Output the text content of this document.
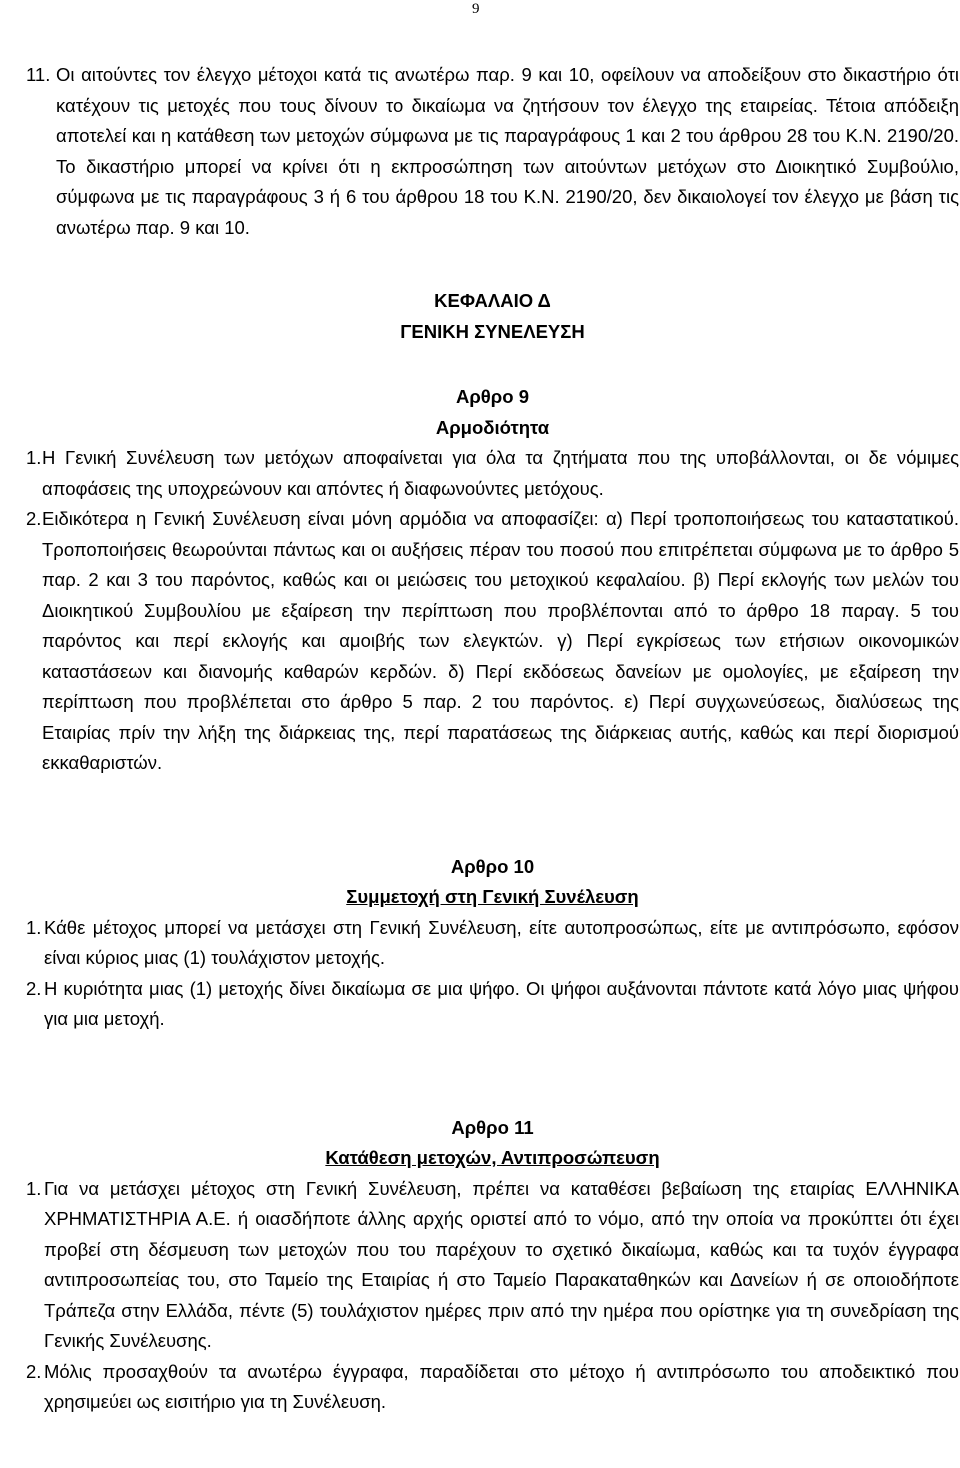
9
11. Οι αιτούντες τον έλεγχο μέτοχοι κατά τις ανωτέρω παρ. 9 και 10, οφείλουν να αποδείξουν στο δικαστήριο ότι κατέχουν τις μετοχές που τους δίνουν το δικαίωμα να ζητήσουν τον έλεγχο της εταιρείας. Τέτοια απόδειξη αποτελεί και η κατάθεση των μετοχών σύμφωνα με τις παραγράφους 1 και 2 του άρθρου 28 του Κ.Ν. 2190/20. Το δικαστήριο μπορεί να κρίνει ότι η εκπροσώπηση των αιτούντων μετόχων στο Διοικητικό Συμβούλιο, σύμφωνα με τις παραγράφους 3 ή 6 του άρθρου 18 του Κ.Ν. 2190/20, δεν δικαιολογεί τον έλεγχο με βάση τις ανωτέρω παρ. 9 και 10.
ΚΕΦΑΛΑΙΟ Δ
ΓΕΝΙΚΗ ΣΥΝΕΛΕΥΣΗ
Αρθρο 9
Αρμοδιότητα
1. Η Γενική Συνέλευση των μετόχων αποφαίνεται για όλα τα ζητήματα που της υποβάλλονται, οι δε νόμιμες αποφάσεις της υποχρεώνουν και απόντες ή διαφωνούντες μετόχους.
2. Ειδικότερα η Γενική Συνέλευση είναι μόνη αρμόδια να αποφασίζει: α) Περί τροποποιήσεως του καταστατικού. Τροποποιήσεις θεωρούνται πάντως και οι αυξήσεις πέραν του ποσού που επιτρέπεται σύμφωνα με το άρθρο 5 παρ. 2 και 3 του παρόντος, καθώς και οι μειώσεις του μετοχικού κεφαλαίου. β) Περί εκλογής των μελών του Διοικητικού Συμβουλίου με εξαίρεση την περίπτωση που προβλέπονται από το άρθρο 18 παραγ. 5 του παρόντος και περί εκλογής και αμοιβής των ελεγκτών. γ) Περί εγκρίσεως των ετήσιων οικονομικών καταστάσεων και διανομής καθαρών κερδών. δ) Περί εκδόσεως δανείων με ομολογίες, με εξαίρεση την περίπτωση που προβλέπεται στο άρθρο 5 παρ. 2 του παρόντος. ε) Περί συγχωνεύσεως, διαλύσεως της Εταιρίας πρίν την λήξη της διάρκειας της, περί παρατάσεως της διάρκειας αυτής, καθώς και περί διορισμού εκκαθαριστών.
Αρθρο 10
Συμμετοχή στη Γενική Συνέλευση
1. Κάθε μέτοχος μπορεί να μετάσχει στη Γενική Συνέλευση, είτε αυτοπροσώπως, είτε με αντιπρόσωπο, εφόσον είναι κύριος μιας (1) τουλάχιστον μετοχής.
2. Η κυριότητα μιας (1) μετοχής δίνει δικαίωμα σε μια ψήφο. Οι ψήφοι αυξάνονται πάντοτε κατά λόγο μιας ψήφου για μια μετοχή.
Αρθρο 11
Κατάθεση μετοχών, Αντιπροσώπευση
1. Για να μετάσχει μέτοχος στη Γενική Συνέλευση, πρέπει να καταθέσει βεβαίωση της εταιρίας ΕΛΛΗΝΙΚΑ ΧΡΗΜΑΤΙΣΤΗΡΙΑ Α.Ε. ή οιασδήποτε άλλης αρχής οριστεί από το νόμο, από την οποία να προκύπτει ότι έχει προβεί στη δέσμευση των μετοχών που του παρέχουν το σχετικό δικαίωμα, καθώς και τα τυχόν έγγραφα αντιπροσωπείας του, στο Ταμείο της Εταιρίας ή στο Ταμείο Παρακαταθηκών και Δανείων ή σε οποιοδήποτε Τράπεζα στην Ελλάδα, πέντε (5) τουλάχιστον ημέρες πριν από την ημέρα που ορίστηκε για τη συνεδρίαση της Γενικής Συνέλευσης.
2. Μόλις προσαχθούν τα ανωτέρω έγγραφα, παραδίδεται στο μέτοχο ή αντιπρόσωπο του αποδεικτικό που χρησιμεύει ως εισιτήριο για τη Συνέλευση.
